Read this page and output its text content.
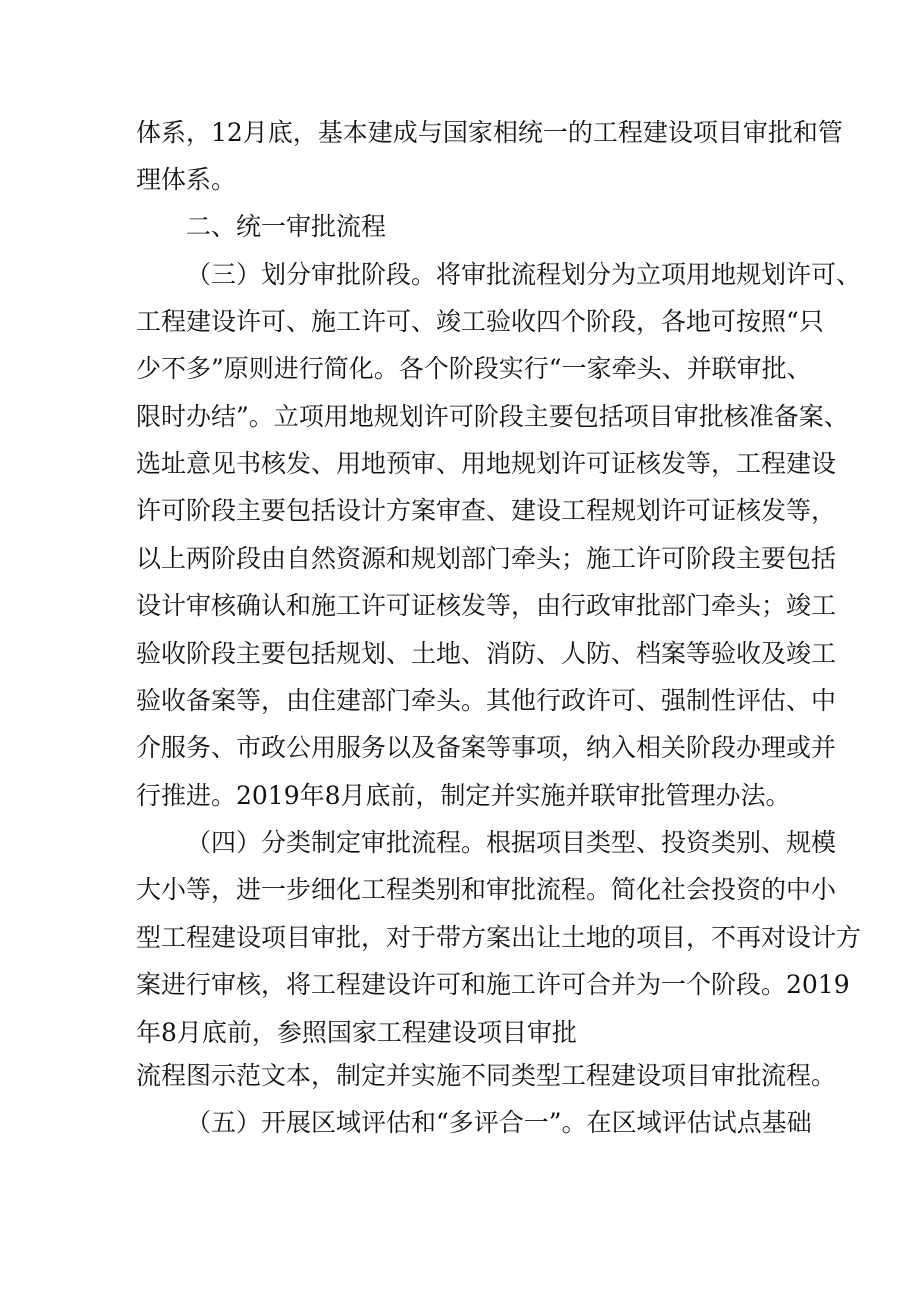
体系，12月底，基本建成与国家相统一的工程建设项目审批和管
理体系。
二、统一审批流程
（三）划分审批阶段。将审批流程划分为立项用地规划许可、
工程建设许可、施工许可、竣工验收四个阶段，各地可按照“只
少不多”原则进行简化。各个阶段实行“一家牵头、并联审批、
限时办结”。立项用地规划许可阶段主要包括项目审批核准备案、
选址意见书核发、用地预审、用地规划许可证核发等，工程建设
许可阶段主要包括设计方案审查、建设工程规划许可证核发等，
以上两阶段由自然资源和规划部门牵头；施工许可阶段主要包括
设计审核确认和施工许可证核发等，由行政审批部门牵头；竣工
验收阶段主要包括规划、土地、消防、人防、档案等验收及竣工
验收备案等，由住建部门牵头。其他行政许可、强制性评估、中
介服务、市政公用服务以及备案等事项，纳入相关阶段办理或并
行推进。2019年8月底前，制定并实施并联审批管理办法。
（四）分类制定审批流程。根据项目类型、投资类别、规模
大小等，进一步细化工程类别和审批流程。简化社会投资的中小
型工程建设项目审批，对于带方案出让土地的项目，不再对设计方
案进行审核，将工程建设许可和施工许可合并为一个阶段。2019
年8月底前，参照国家工程建设项目审批
流程图示范文本，制定并实施不同类型工程建设项目审批流程。
（五）开展区域评估和“多评合一”。在区域评估试点基础
